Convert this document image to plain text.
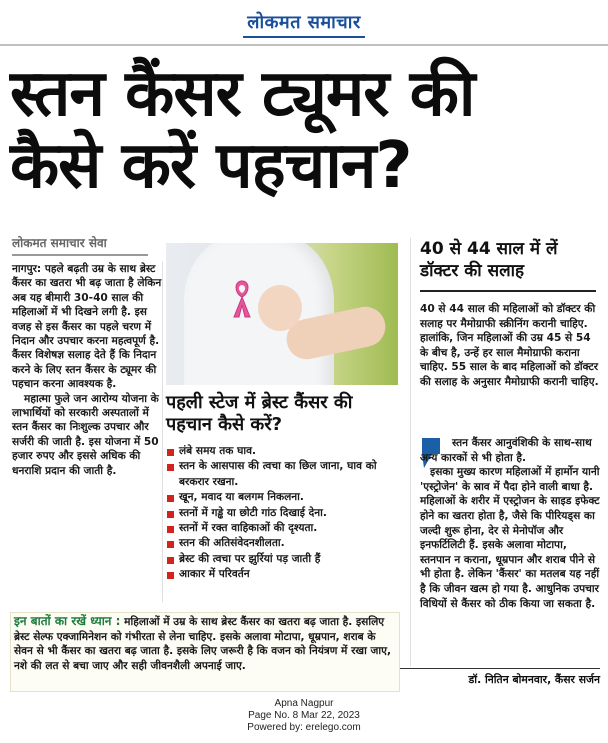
लोकमत समाचार
स्तन कैंसर ट्यूमर की
कैसे करें पहचान?
लोकमत समाचार सेवा

नागपुर: पहले बढ़ती उम्र के साथ ब्रेस्ट कैंसर का खतरा भी बढ़ जाता है लेकिन अब यह बीमारी 30-40 साल की महिलाओं में भी दिखने लगी है. इस वजह से इस कैंसर का पहले चरण में निदान और उपचार करना महत्वपूर्ण है. कैंसर विशेषज्ञ सलाह देते हैं कि निदान करने के लिए स्तन कैंसर के ट्यूमर की पहचान करना आवश्यक है.

महात्मा फुले जन आरोग्य योजना के लाभार्थियों को सरकारी अस्पतालों में स्तन कैंसर का निःशुल्क उपचार और सर्जरी की जाती है. इस योजना में 50 हजार रुपए और इससे अधिक की धनराशि प्रदान की जाती है.

पहली स्टेज में ब्रेस्ट कैंसर की पहचान कैसे करें?
लंबे समय तक घाव.
स्तन के आसपास की त्वचा का छिल जाना, घाव को बरकरार रखना.
खून, मवाद या बलगम निकलना.
स्तनों में गड्ढे या छोटी गांठ दिखाई देना.
स्तनों में रक्त वाहिकाओं की दृश्यता.
स्तन की अतिसंवेदनशीलता.
ब्रेस्ट की त्वचा पर झुर्रियां पड़ जाती हैं
आकार में परिवर्तन
40 से 44 साल में लें डॉक्टर की सलाह

40 से 44 साल की महिलाओं को डॉक्टर की सलाह पर मैमोग्राफी स्क्रीनिंग करानी चाहिए. हालांकि, जिन महिलाओं की उम्र 45 से 54 के बीच है, उन्हें हर साल मैमोग्राफी कराना चाहिए. 55 साल के बाद महिलाओं को डॉक्टर की सलाह के अनुसार मैमोग्राफी करानी चाहिए.

स्तन कैंसर आनुवंशिकी के साथ-साथ अन्य कारकों से भी होता है.

इसका मुख्य कारण महिलाओं में हार्मोन यानी 'एस्ट्रोजेन' के स्राव में पैदा होने वाली बाधा है. महिलाओं के शरीर में एस्ट्रोजन के साइड इफेक्ट होने का खतरा होता है, जैसे कि पीरियड्स का जल्दी शुरू होना, देर से मेनोपॉज और इनफर्टिलिटी हैं. इसके अलावा मोटापा, स्तनपान न कराना, धूम्रपान और शराब पीने से भी होता है. लेकिन 'कैंसर' का मतलब यह नहीं है कि जीवन खत्म हो गया है. आधुनिक उपचार विधियों से कैंसर को ठीक किया जा सकता है.

डॉ. नितिन बोमनवार, कैंसर सर्जन
इन बातों का रखें ध्यान : महिलाओं में उम्र के साथ ब्रेस्ट कैंसर का खतरा बढ़ जाता है. इसलिए ब्रेस्ट सेल्फ एक्जामिनेशन को गंभीरता से लेना चाहिए. इसके अलावा मोटापा, धूम्रपान, शराब के सेवन से भी कैंसर का खतरा बढ़ जाता है. इसके लिए जरूरी है कि वजन को नियंत्रण में रखा जाए, नशे की लत से बचा जाए और सही जीवनशैली अपनाई जाए.
Apna Nagpur
Page No. 8 Mar 22, 2023
Powered by: erelego.com
